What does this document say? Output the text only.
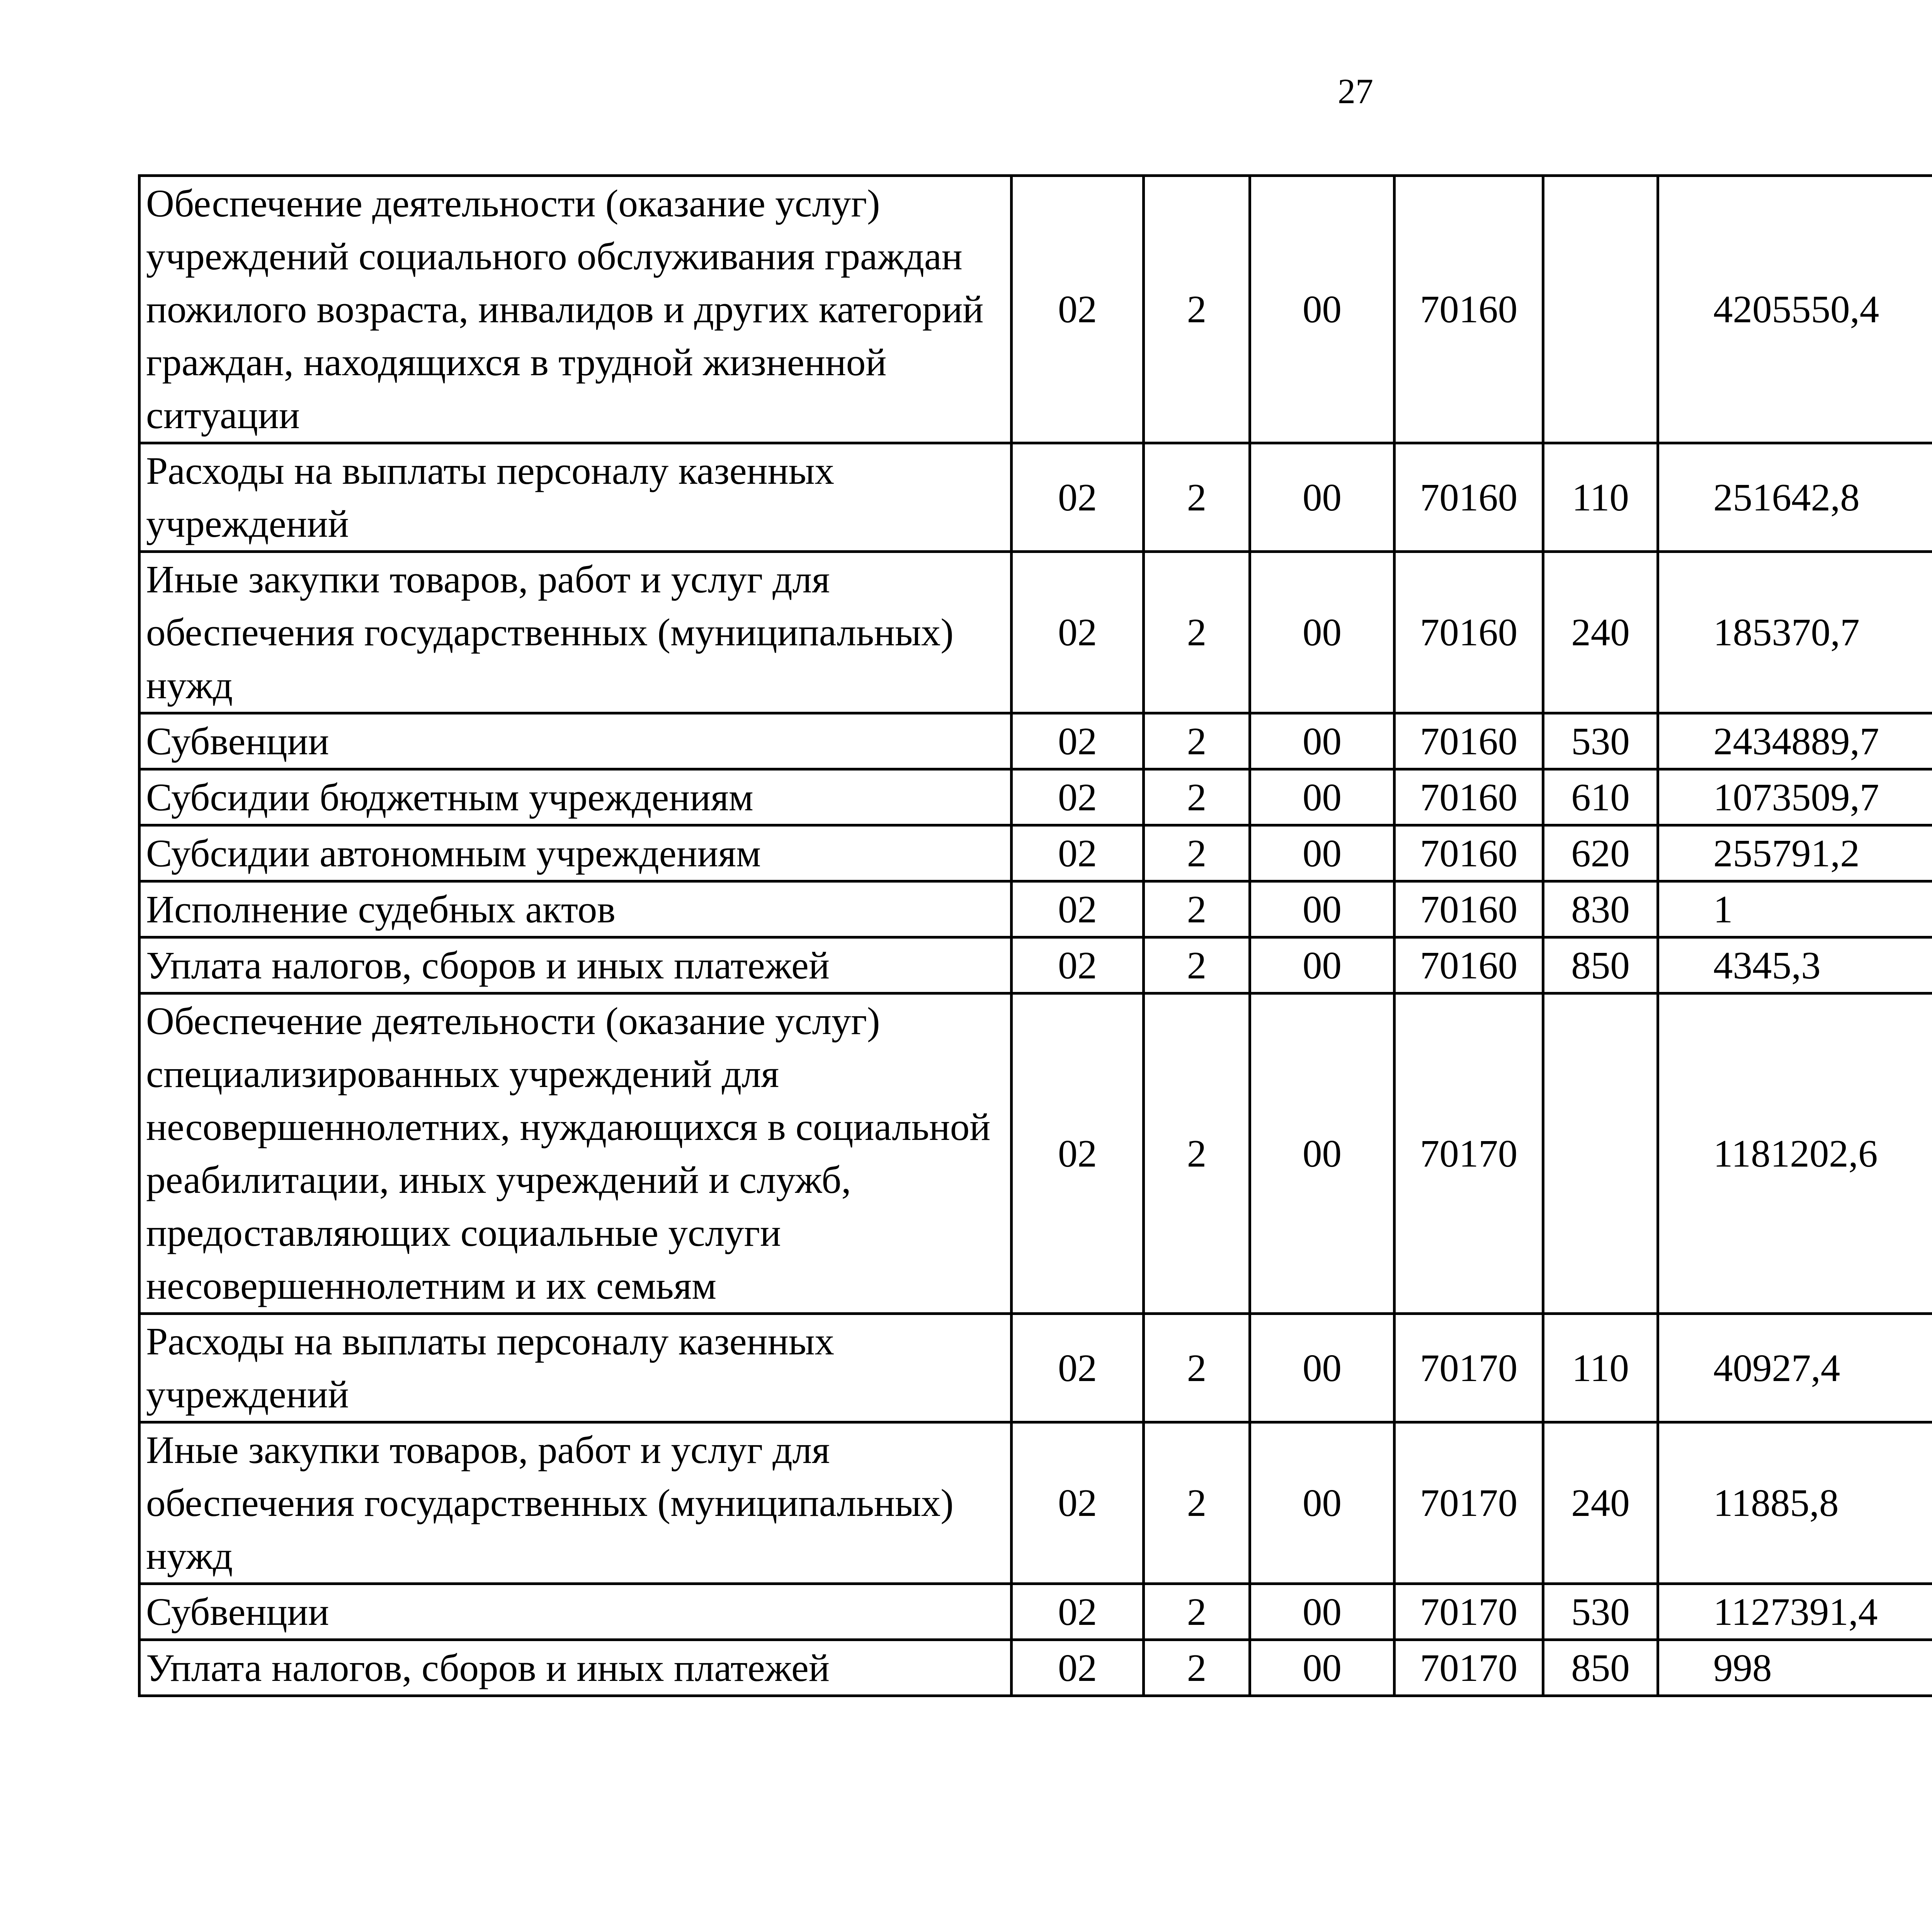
27
Обеспечение деятельности (оказание услуг) учреждений социального обслуживания граждан пожилого возраста, инвалидов и других категорий граждан, находящихся в трудной жизненной ситуации	02	2	00	70160		4205550,4		
Расходы на выплаты персоналу казенных учреждений	02	2	00	70160	110	251642,8		
Иные закупки товаров, работ и услуг для обеспечения государственных (муниципальных) нужд	02	2	00	70160	240	185370,7		
Субвенции	02	2	00	70160	530	2434889,7		
Субсидии бюджетным учреждениям	02	2	00	70160	610	1073509,7		
Субсидии автономным учреждениям	02	2	00	70160	620	255791,2		
Исполнение судебных актов	02	2	00	70160	830	1		
Уплата налогов, сборов и иных платежей	02	2	00	70160	850	4345,3		
Обеспечение деятельности (оказание услуг) специализированных учреждений для несовершеннолетних, нуждающихся в социальной реабилитации, иных учреждений и служб, предоставляющих социальные услуги несовершеннолетним и их семьям	02	2	00	70170		1181202,6		
Расходы на выплаты персоналу казенных учреждений	02	2	00	70170	110	40927,4		
Иные закупки товаров, работ и услуг для обеспечения государственных (муниципальных) нужд	02	2	00	70170	240	11885,8		
Субвенции	02	2	00	70170	530	1127391,4		
Уплата налогов, сборов и иных платежей	02	2	00	70170	850	998		
